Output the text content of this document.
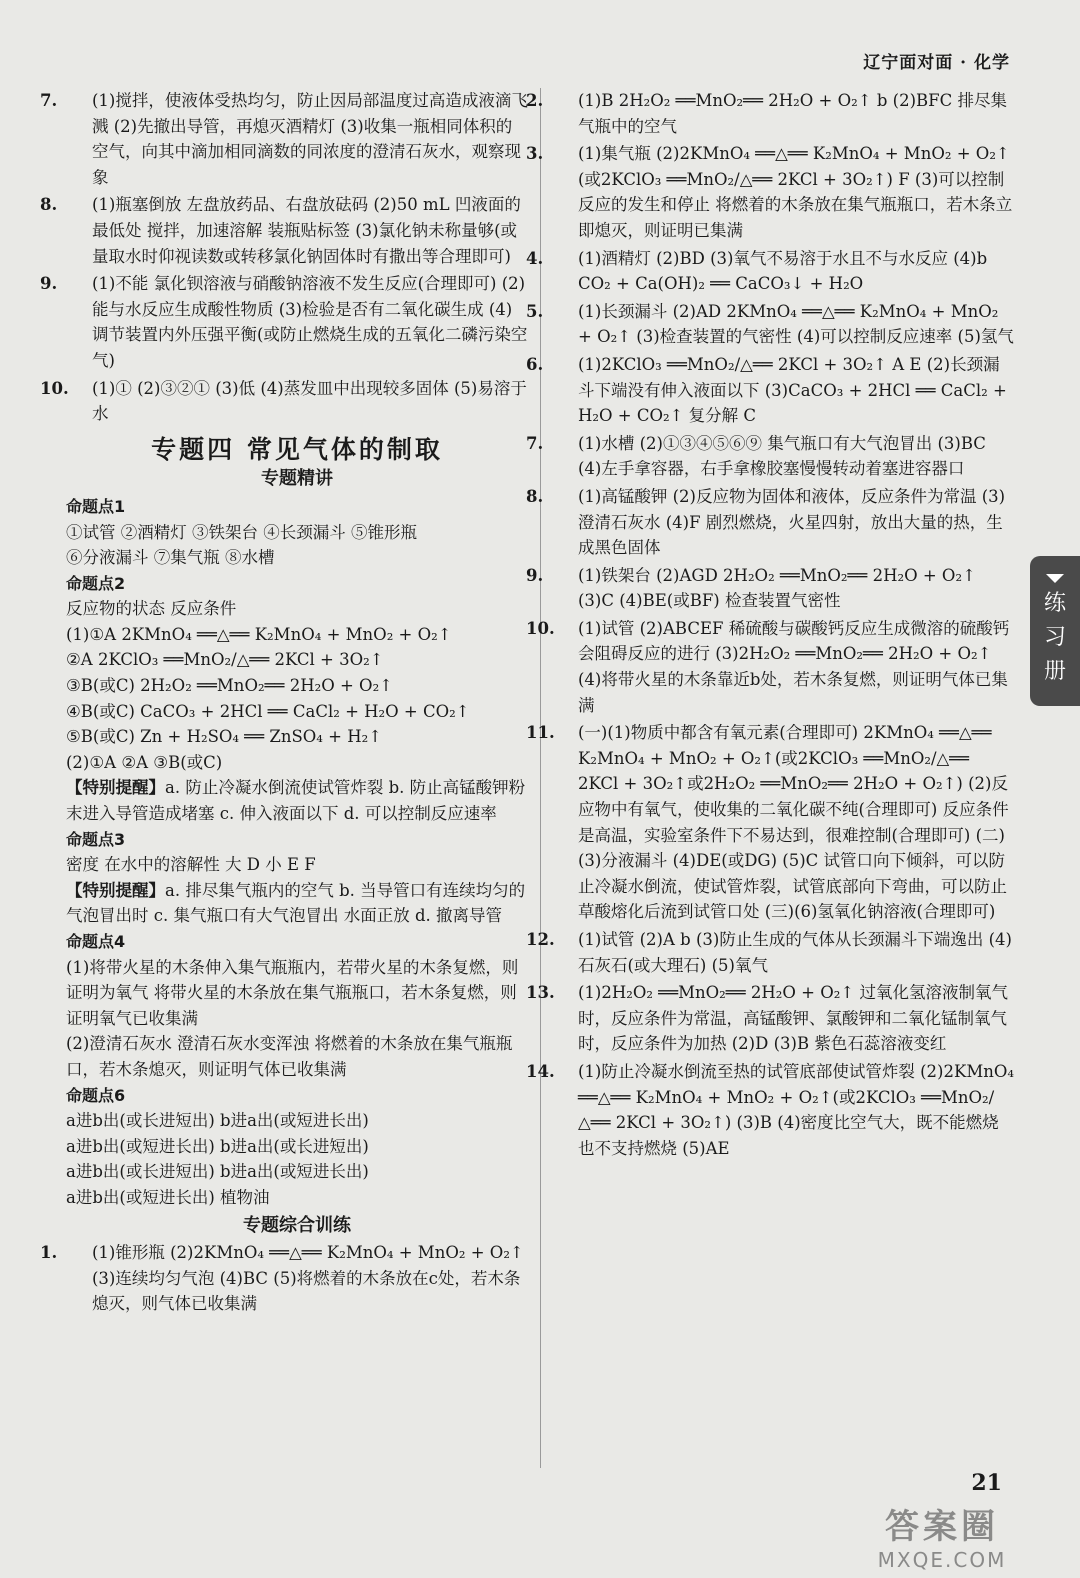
辽宁面对面 · 化学
7. (1)搅拌，使液体受热均匀，防止因局部温度过高造成液滴飞溅 (2)先撤出导管，再熄灭酒精灯 (3)收集一瓶相同体积的空气，向其中滴加相同滴数的同浓度的澄清石灰水，观察现象
8. (1)瓶塞倒放 左盘放药品、右盘放砝码 (2)50 mL 凹液面的最低处 搅拌，加速溶解 装瓶贴标签 (3)氯化钠未称量够(或量取水时仰视读数或转移氯化钠固体时有撒出等合理即可)
9. (1)不能 氯化钡溶液与硝酸钠溶液不发生反应(合理即可) (2)能与水反应生成酸性物质 (3)检验是否有二氧化碳生成 (4)调节装置内外压强平衡(或防止燃烧生成的五氧化二磷污染空气)
10. (1)① (2)③②① (3)低 (4)蒸发皿中出现较多固体 (5)易溶于水
专题四 常见气体的制取
专题精讲
命题点1
①试管 ②酒精灯 ③铁架台 ④长颈漏斗 ⑤锥形瓶
⑥分液漏斗 ⑦集气瓶 ⑧水槽
命题点2
反应物的状态 反应条件
(1)①A 2KMnO₄ ══△══ K₂MnO₄ + MnO₂ + O₂↑
②A 2KClO₃ ══MnO₂/△══ 2KCl + 3O₂↑
③B(或C) 2H₂O₂ ══MnO₂══ 2H₂O + O₂↑
④B(或C) CaCO₃ + 2HCl ══ CaCl₂ + H₂O + CO₂↑
⑤B(或C) Zn + H₂SO₄ ══ ZnSO₄ + H₂↑
(2)①A ②A ③B(或C)
【特别提醒】a. 防止冷凝水倒流使试管炸裂 b. 防止高锰酸钾粉末进入导管造成堵塞 c. 伸入液面以下 d. 可以控制反应速率
命题点3
密度 在水中的溶解性 大 D 小 E F
【特别提醒】a. 排尽集气瓶内的空气 b. 当导管口有连续均匀的气泡冒出时 c. 集气瓶口有大气泡冒出 水面正放 d. 撤离导管
命题点4
(1)将带火星的木条伸入集气瓶瓶内，若带火星的木条复燃，则证明为氧气 将带火星的木条放在集气瓶瓶口，若木条复燃，则证明氧气已收集满
(2)澄清石灰水 澄清石灰水变浑浊 将燃着的木条放在集气瓶瓶口，若木条熄灭，则证明气体已收集满
命题点6
a进b出(或长进短出) b进a出(或短进长出)
a进b出(或短进长出) b进a出(或长进短出)
a进b出(或长进短出) b进a出(或短进长出)
a进b出(或短进长出) 植物油
专题综合训练
1. (1)锥形瓶 (2)2KMnO₄ ══△══ K₂MnO₄ + MnO₂ + O₂↑ (3)连续均匀气泡 (4)BC (5)将燃着的木条放在c处，若木条熄灭，则气体已收集满
2. (1)B 2H₂O₂ ══MnO₂══ 2H₂O + O₂↑ b (2)BFC 排尽集气瓶中的空气
3. (1)集气瓶 (2)2KMnO₄ ══△══ K₂MnO₄ + MnO₂ + O₂↑ (或2KClO₃ ══MnO₂/△══ 2KCl + 3O₂↑) F (3)可以控制反应的发生和停止 将燃着的木条放在集气瓶瓶口，若木条立即熄灭，则证明已集满
4. (1)酒精灯 (2)BD (3)氧气不易溶于水且不与水反应 (4)b CO₂ + Ca(OH)₂ ══ CaCO₃↓ + H₂O
5. (1)长颈漏斗 (2)AD 2KMnO₄ ══△══ K₂MnO₄ + MnO₂ + O₂↑ (3)检查装置的气密性 (4)可以控制反应速率 (5)氢气
6. (1)2KClO₃ ══MnO₂/△══ 2KCl + 3O₂↑ A E (2)长颈漏斗下端没有伸入液面以下 (3)CaCO₃ + 2HCl ══ CaCl₂ + H₂O + CO₂↑ 复分解 C
7. (1)水槽 (2)①③④⑤⑥⑨ 集气瓶口有大气泡冒出 (3)BC (4)左手拿容器，右手拿橡胶塞慢慢转动着塞进容器口
8. (1)高锰酸钾 (2)反应物为固体和液体，反应条件为常温 (3)澄清石灰水 (4)F 剧烈燃烧，火星四射，放出大量的热，生成黑色固体
9. (1)铁架台 (2)AGD 2H₂O₂ ══MnO₂══ 2H₂O + O₂↑ (3)C (4)BE(或BF) 检查装置气密性
10. (1)试管 (2)ABCEF 稀硫酸与碳酸钙反应生成微溶的硫酸钙会阻碍反应的进行 (3)2H₂O₂ ══MnO₂══ 2H₂O + O₂↑ (4)将带火星的木条靠近b处，若木条复燃，则证明气体已集满
11. (一)(1)物质中都含有氧元素(合理即可) 2KMnO₄ ══△══ K₂MnO₄ + MnO₂ + O₂↑(或2KClO₃ ══MnO₂/△══ 2KCl + 3O₂↑或2H₂O₂ ══MnO₂══ 2H₂O + O₂↑) (2)反应物中有氧气，使收集的二氧化碳不纯(合理即可) 反应条件是高温，实验室条件下不易达到，很难控制(合理即可) (二)(3)分液漏斗 (4)DE(或DG) (5)C 试管口向下倾斜，可以防止冷凝水倒流，使试管炸裂，试管底部向下弯曲，可以防止草酸熔化后流到试管口处 (三)(6)氢氧化钠溶液(合理即可)
12. (1)试管 (2)A b (3)防止生成的气体从长颈漏斗下端逸出 (4)石灰石(或大理石) (5)氧气
13. (1)2H₂O₂ ══MnO₂══ 2H₂O + O₂↑ 过氧化氢溶液制氧气时，反应条件为常温，高锰酸钾、氯酸钾和二氧化锰制氧气时，反应条件为加热 (2)D (3)B 紫色石蕊溶液变红
14. (1)防止冷凝水倒流至热的试管底部使试管炸裂 (2)2KMnO₄ ══△══ K₂MnO₄ + MnO₂ + O₂↑(或2KClO₃ ══MnO₂/△══ 2KCl + 3O₂↑) (3)B (4)密度比空气大，既不能燃烧也不支持燃烧 (5)AE
练
习
册
21
答案圈
MXQE.COM
